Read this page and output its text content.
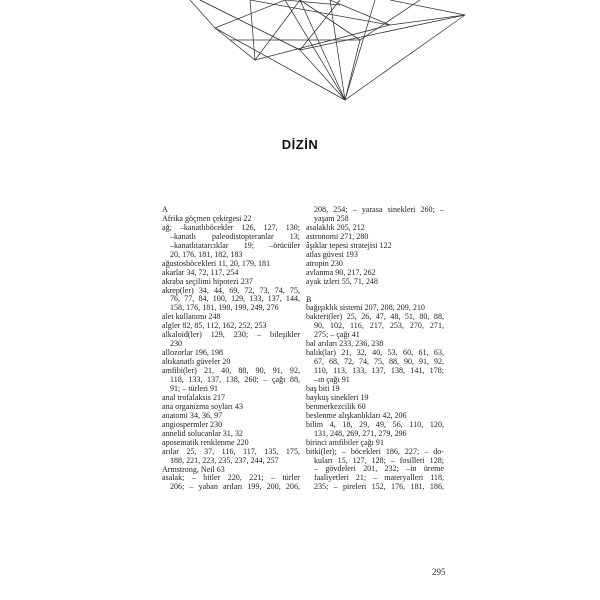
DİZİN
A
Afrika göçmen çekirgesi 22
ağ; –kanatlıböcekler 126, 127, 130;
–kanatlı paleodistopteranlar 13;
–kanatlıtatarcıklar 19; –örücüler
20, 176, 181, 182, 183
ağustosböcekleri 11, 20, 179, 181
akarlar 34, 72, 117, 254
akraba seçilimi hipotezi 237
akrep(ler) 34, 44, 69, 72, 73, 74, 75,
76, 77, 84, 100, 129, 133, 137, 144,
158, 176, 181, 190, 199, 249, 276
alet kullanımı 248
algler 82, 85, 112, 162, 252, 253
alkaloid(ler) 129, 230; – bileşikler
230
allozorlar 196, 198
altıkanatlı güveler 20
amfibi(ler) 21, 40, 88, 90, 91, 92,
118, 133, 137, 138, 260; – çağı 88,
91; – türleri 91
anal trofalaksis 217
ana organizma soyları 43
anatomi 34, 36, 97
angiospermler 230
annelid solucanlar 31, 32
aposematik renklenme 220
arılar 25, 37, 116, 117, 135, 175,
188, 221, 223, 235, 237, 244, 257
Armstrong, Neil 63
asalak; – bitler 220, 221; – türler
206; – yaban arıları 199, 200, 206,
208, 254; – yarasa sinekleri 260; –
yaşam 258
asalaklık 205, 212
astronomi 271, 280
âşıklar tepesi stratejisi 122
atlas güvesi 193
atropin 230
avlanma 90, 217, 262
ayak izleri 55, 71, 248
B
bağışıklık sistemi 207, 208, 209, 210
bakteri(ler) 25, 26, 47, 48, 51, 80, 88,
90, 102, 116, 217, 253, 270, 271,
275; – çağı 41
bal arıları 233, 236, 238
balık(lar) 21, 32, 40, 53, 60, 61, 63,
67, 68, 72, 74, 75, 88, 90, 91, 92,
110, 113, 133, 137, 138, 141, 178;
–ın çağı 91
baş biti 19
baykuş sinekleri 19
benmerkezcilik 60
beslenme alışkanlıkları 42, 206
bilim 4, 18, 29, 49, 56, 110, 120,
131, 248, 269, 271, 279, 296
birinci amfibiler çağı 91
bitki(ler); – böcekleri 186, 227; – do-
kuları 15, 127, 128; – fosilleri 128;
– gövdeleri 201, 232; –in üreme
faaliyetleri 21; – materyalleri 118,
235; – pireleri 152, 176, 181, 186,
295
